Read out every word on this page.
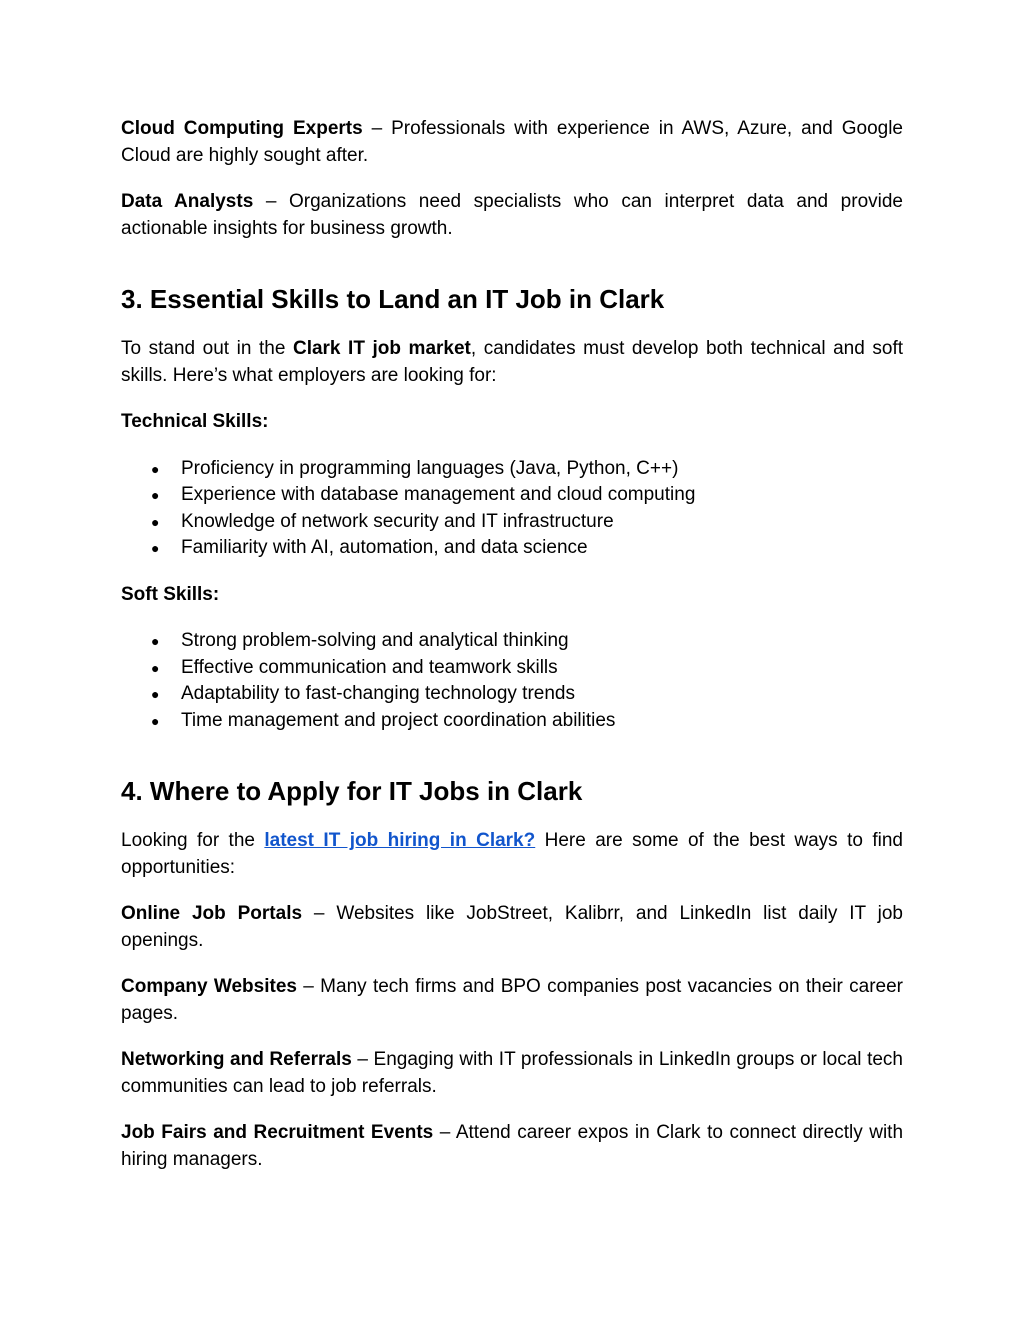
Cloud Computing Experts – Professionals with experience in AWS, Azure, and Google Cloud are highly sought after.

Data Analysts – Organizations need specialists who can interpret data and provide actionable insights for business growth.

3. Essential Skills to Land an IT Job in Clark

To stand out in the Clark IT job market, candidates must develop both technical and soft skills. Here’s what employers are looking for:

Technical Skills:

● Proficiency in programming languages (Java, Python, C++)
● Experience with database management and cloud computing
● Knowledge of network security and IT infrastructure
● Familiarity with AI, automation, and data science

Soft Skills:

● Strong problem-solving and analytical thinking
● Effective communication and teamwork skills
● Adaptability to fast-changing technology trends
● Time management and project coordination abilities
4. Where to Apply for IT Jobs in Clark

Looking for the latest IT job hiring in Clark? Here are some of the best ways to find opportunities:

Online Job Portals – Websites like JobStreet, Kalibrr, and LinkedIn list daily IT job openings.

Company Websites – Many tech firms and BPO companies post vacancies on their career pages.

Networking and Referrals – Engaging with IT professionals in LinkedIn groups or local tech communities can lead to job referrals.

Job Fairs and Recruitment Events – Attend career expos in Clark to connect directly with hiring managers.
